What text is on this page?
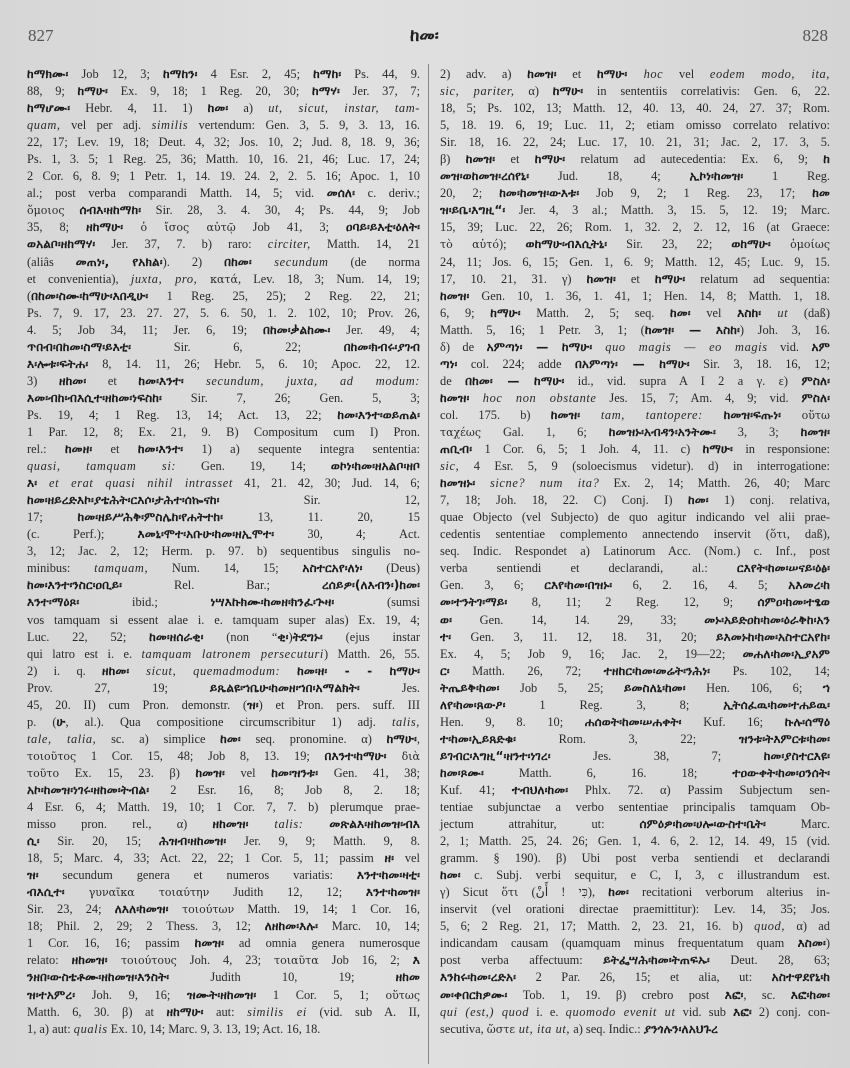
827	ከመ፡	828
ከማክሙ፡ Job 12, 3; ከማከን፡ 4 Esr. 2, 45; ከማከ፡ Ps. 44, 9.
88, 9; ከማሁ፡ Ex. 9, 18; 1 Reg. 20, 30; ከማሃ፡ Jer. 37, 7;
ከማሆሙ፡ Hebr. 4, 11. 1) ከመ፡ a) ut, sicut, instar, tam-
quam, vel per adj. similis vertendum: Gen. 3, 5. 9, 3. 13, 16.
22, 17; Lev. 19, 18; Deut. 4, 32; Jos. 10, 2; Jud. 8, 18. 9, 36;
Ps. 1, 3. 5; 1 Reg. 25, 36; Matth. 10, 16. 21, 46; Luc. 17, 24;
2 Cor. 6, 8. 9; 1 Petr. 1, 14. 19. 24. 2, 2. 5. 16; Apoc. 1, 10
al.; post verba comparandi Matth. 14, 5; vid. መሰለ፡ c. deriv.;
ὅμοιος ሰብእ፡ዘከማከ፡ Sir. 28, 3. 4. 30, 4; Ps. 44, 9; Job
35, 8; ዘከማሁ፡ ὁ ἴσος αὐτῷ Job 41, 3; ዐባይ፡ይእቲ፡ዕለት፡
ወአልቦ፡ዘከማሃ፡ Jer. 37, 7. b) raro: circiter, Matth. 14, 21
(aliâs መጠነ፡, የአክል፡). 2) በከመ፡ secundum (de norma
et convenientia), juxta, pro, κατά, Lev. 18, 3; Num. 14, 19;
(በከመ፡ስሙ፡ከማሁ፡እበዲሁ፡ 1 Reg. 25, 25); 2 Reg. 22, 21;
Ps. 7, 9. 17, 23. 27. 27, 5. 6. 50, 1. 2. 102, 10; Prov. 26,
4. 5; Job 34, 11; Jer. 6, 19; በከመ፡ቃልከሙ፡ Jer. 49, 4;
ጥበብ፡በከመ፡ስማ፡ይእቲ፡ Sir. 6, 22; በከመ፡ክብሩ፡ያገብ
እ፡ሎቱ፡ፍትሐ፡ 8, 14. 11, 26; Hebr. 5, 6. 10; Apoc. 22, 12.
3) ዘከመ፡ et ከመ፡እንተ፡ secundum, juxta, ad modum:
እመ፡ብከ፡ብእሲተ፡ዘከመ፡ነፍስከ፡ Sir. 7, 26; Gen. 5, 3;
Ps. 19, 4; 1 Reg. 13, 14; Act. 13, 22; ከመ፡እንተ፡ወይጠል፡
1 Par. 12, 8; Ex. 21, 9. B) Compositum cum I) Pron.
rel.: ከመዘ፡ et ከመ፡እንተ፡ 1) a) sequente integra sententia:
quasi, tamquam si: Gen. 19, 14; ወኮነ፡ከመ፡ዘአልቦ፡ዘቦ
እ፡ et erat quasi nihil intrasset 41, 21. 42, 30; Jud. 14, 6;
ከመ፡ዘይረድእኮ፡ያቴሕት፡ርእሶ፡ታሕተ፡ሰኰናከ፡ Sir. 12,
17; ከመ፡ዘይሥሕቅ፡ምስሌከ፡የሐትተከ፡ 13, 11. 20, 15
(c. Perf.); እመኒ፡ሞተ፡አቡሁ፡ከመ፡ዘኢሞተ፡ 30, 4; Act.
3, 12; Jac. 2, 12; Herm. p. 97. b) sequentibus singulis no-
minibus: tamquam, Num. 14, 15; አስተርአየ፡ለነ፡ (Deus)
ከመ፡እንተ፡ንስር፡ዐቢይ፡ Rel. Bar.; ረሰይዎ፡(ለእብን፡)ከመ፡
እንተ፡ማዕጾ፡ ibid.; ነሣእኩክሙ፡ከመዘ፡ክንፈ፡ጕዛ፡ (sumsi
vos tamquam si essent alae i. e. tamquam super alas) Ex. 19, 4;
Luc. 22, 52; ከመ፡ዘሰራቂ፡ (non “ቂ፡)ትደግኑ፡ (ejus instar
qui latro est i. e. tamquam latronem persecuturi) Matth. 26, 55.
2) i. q. ዘከመ፡ sicut, quemadmodum: ከመ፡ዘ፡ - - ከማሁ፡
Prov. 27, 19; ይጼልዩ፡ኀቤሁ፡ከመዘ፡ኀበ፡አማልክት፡ Jes.
45, 20. II) cum Pron. demonstr. (ዝ፡) et Pron. pers. suff. III
p. (ሁ, al.). Qua compositione circumscribitur 1) adj. talis,
tale, talia, sc. a) simplice ከመ፡ seq. pronomine. α) ከማሁ፡,
τοιοῦτος 1 Cor. 15, 48; Job 8, 13. 19; በእንተ፡ከማሁ፡ διὰ
τοῦτο Ex. 15, 23. β) ከመዝ፡ vel ከመ፡ዝንቱ፡ Gen. 41, 38;
አኮ፡ከመዝ፡ነገሩ፡ዘከመ፡ትብል፡ 2 Esr. 16, 8; Job 8, 2. 18;
4 Esr. 6, 4; Matth. 19, 10; 1 Cor. 7, 7. b) plerumque prae-
misso pron. rel., α) ዘከመዝ፡ talis: መጽልእ፡ዘከመዝ፡ብእ
ሲ፡ Sir. 20, 15; ሕዝብ፡ዘከመዝ፡ Jer. 9, 9; Matth. 9, 8.
18, 5; Marc. 4, 33; Act. 22, 22; 1 Cor. 5, 11; passim ዘ፡ vel
ዝ፡ secundum genera et numeros variatis: እንተ፡ከመ፡ዛቲ፡
ብእሲተ፡ γυναῖκα τοιαύτην Judith 12, 12; እንተ፡ከመዝ፡
Sir. 23, 24; ለእለ፡ከመዝ፡ τοιούτων Matth. 19, 14; 1 Cor. 16,
18; Phil. 2, 29; 2 Thess. 3, 12; ለዘከመ፡እሉ፡ Marc. 10, 14;
1 Cor. 16, 16; passim ከመዝ፡ ad omnia genera numerosque
relato: ዘከመዝ፡ τοιούτους Joh. 4, 23; τοιαῦτα Job 16, 2; እ
ንዘበ፡ውስቴቶሙ፡ዘከመዝ፡እንስት፡ Judith 10, 19; ዘከመ
ዝ፡ተአምረ፡ Joh. 9, 16; ዝሙት፡ዘከመዝ፡ 1 Cor. 5, 1; οὕτως
Matth. 6, 30. β) at ዘከማሁ፡ aut: similis ei (vid. sub A. II,
1, a) aut: qualis Ex. 10, 14; Marc. 9, 3. 13, 19; Act. 16, 18.
2) adv. a) ከመዝ፡ et ከማሁ፡ hoc vel eodem modo, ita,
sic, pariter, α) ከማሁ፡ in sententiis correlativis: Gen. 6, 22.
18, 5; Ps. 102, 13; Matth. 12, 40. 13, 40. 24, 27. 37; Rom.
5, 18. 19. 6, 19; Luc. 11, 2; etiam omisso correlato relativo:
Sir. 18, 16. 22, 24; Luc. 17, 10. 21, 31; Jac. 2, 17. 3, 5.
β) ከመዝ፡ et ከማሁ፡ relatum ad autecedentia: Ex. 6, 9; ከ
መዝ፡ወከመዝ፡ረሰየኒ፡ Jud. 18, 4; ኢኮነ፡ከመዝ፡ 1 Reg.
20, 2; ከመ፡ከመዝ፡ውእቱ፡ Job 9, 2; 1 Reg. 23, 17; ከመ
ዝ፡ይቤ፡እግዚ“፡ Jer. 4, 3 al.; Matth. 3, 15. 5, 12. 19; Marc.
15, 39; Luc. 22, 26; Rom. 1, 32. 2, 2. 12, 16 (at Graece:
τὸ αὐτό); ወከማሁ፡ብእሲትኒ፡ Sir. 23, 22; ወከማሁ፡ ὁμοίως
24, 11; Jos. 6, 15; Gen. 1, 6. 9; Matth. 12, 45; Luc. 9, 15.
17, 10. 21, 31. γ) ከመዝ፡ et ከማሁ፡ relatum ad sequentia:
ከመዝ፡ Gen. 10, 1. 36, 1. 41, 1; Hen. 14, 8; Matth. 1, 18.
6, 9; ከማሁ፡ Matth. 2, 5; seq. ከመ፡ vel እስከ፡ ut (daß)
Matth. 5, 16; 1 Petr. 3, 1; (ከመዝ፡ — እስከ፡) Joh. 3, 16.
δ) de አምጣነ፡ — ከማሁ፡ quo magis — eo magis vid. አም
ጣነ፡ col. 224; adde በአምጣነ፡ — ከማሁ፡ Sir. 3, 18. 16, 12;
de በከመ፡ — ከማሁ፡ id., vid. supra A I 2 a γ. ε) ምስለ፡
ከመዝ፡ hoc non obstante Jes. 15, 7; Am. 4, 9; vid. ምስለ፡
col. 175. b) ከመዝ፡ tam, tantopere: ከመዝ፡ፍጡነ፡ οὕτω
ταχέως Gal. 1, 6; ከመዝኑ፡አብዳን፡አንትሙ፡ 3, 3; ከመዝ፡
ጠቢብ፡ 1 Cor. 6, 5; 1 Joh. 4, 11. c) ከማሁ፡ in responsione:
sic, 4 Esr. 5, 9 (soloecismus videtur). d) in interrogatione:
ከመዝኑ፡ sicne? num ita? Ex. 2, 14; Matth. 26, 40; Marc
7, 18; Joh. 18, 22. C) Conj. I) ከመ፡ 1) conj. relativa,
quae Objecto (vel Subjecto) de quo agitur indicando vel alii prae-
cedentis sententiae complemento annectendo inservit (ὅτι, daß),
seq. Indic. Respondet a) Latinorum Acc. (Nom.) c. Inf., post
verba sentiendi et declarandi, al.: ርእየት፡ከመ፡ሠናይ፡ዕፅ፡
Gen. 3, 6; ርእየ፡ከመ፡በዝኑ፡ 6, 2. 16, 4. 5; አእመረ፡ከ
መ፡ተንትገ፡ማይ፡ 8, 11; 2 Reg. 12, 9; ሰምዐ፡ከመ፡ተፄወ
ወ፡ Gen. 14, 14. 29, 33; መኑ፡አይድዐከ፡ከመ፡ዕራቅከ፡አን
ተ፡ Gen. 3, 11. 12, 18. 31, 20; ይእመኑከ፡ከመ፡አስተርአየከ፡
Ex. 4, 5; Job 9, 16; Jac. 2, 19—22; መሐለ፡ከመ፡ኢያአም
ር፡ Matth. 26, 72; ተዘከር፡ከመ፡መሬት፡ንሕነ፡ Ps. 102, 14;
ትጤይቅ፡ከመ፡ Job 5, 25; ይመስለኒ፡ከመ፡ Hen. 106, 6; ኀ
ለየ፡ከመ፡ጸውዖ፡ 1 Reg. 3, 8; ኢትሰፈዉ፡ከመ፡ተሐይዉ፡
Hen. 9, 8. 10; ሐሰወት፡ከመ፡ሠሐቀት፡ Kuf. 16; ኩሉ፡ሰማዕ
ተ፡ከመ፡ኢይጸድቁ፡ Rom. 3, 22; ዝንቱ፡ትእምርቱ፡ከመ፡
ይገብር፡እግዚ“፡ዘንተ፡ነገረ፡ Jes. 38, 7; ከመ፡ያስተርእዩ፡
ከመ፡ጾሙ፡ Matth. 6, 16. 18; ተዐውቀት፡ከመ፡ዐንሰት፡
Kuf. 41; ተብህለ፡ከመ፡ Phlx. 72. α) Passim Subjectum sen-
tentiae subjunctae a verbo sententiae principalis tamquam Ob-
jectum attrahitur, ut: ሰምዕዎ፡ከመ፡ሀሎ፡ውስተ፡ቤት፡ Marc.
2, 1; Matth. 25, 24. 26; Gen. 1, 4. 6, 2. 12, 14. 49, 15 (vid.
gramm. § 190). β) Ubi post verba sentiendi et declarandi
ከመ፡ c. Subj. verbi sequitur, e C, I, 3, c illustrandum est.
γ) Sicut ὅτι (כִּי ! أَنْ), ከመ፡ recitationi verborum alterius in-
inservit (vel orationi directae praemittitur): Lev. 14, 35; Jos.
5, 6; 2 Reg. 21, 17; Matth. 2, 23. 21, 16. b) quod, α) ad
indicandam causam (quamquam minus frequentatum quam እስመ፡)
post verba affectuum: ይትፌሣሕ፡ከመ፡ትጠፍኡ፡ Deut. 28, 63;
እንከሩ፡ከመ፡ረድአ፡ 2 Par. 26, 15; et alia, ut: አስተዋደየኒ፡ከ
መ፡ቀበርክዎሙ፡ Tob. 1, 19. β) crebro post እፎ፡, sc. እፎ፡ከመ፡
qui (est,) quod i. e. quomodo evenit ut vid. sub እፎ፡ 2) conj. con-
secutiva, ὥστε ut, ita ut, a) seq. Indic.: ያንጎሉን፡ለአህጉረ
